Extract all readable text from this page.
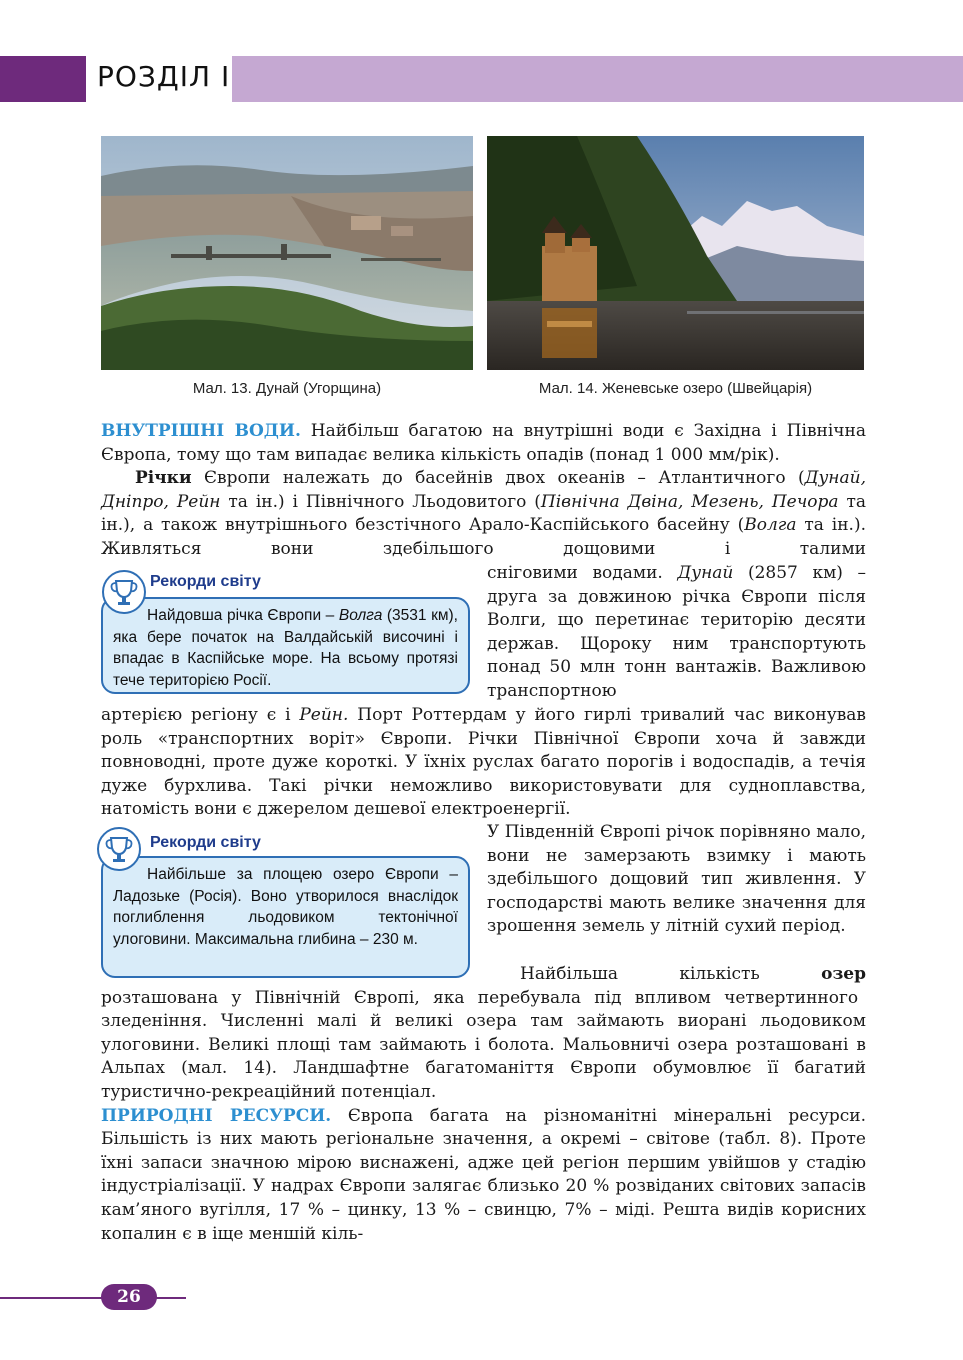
РОЗДІЛ І
Мал. 13. Дунай (Угорщина)	Мал. 14. Женевське озеро (Швейцарія)

ВНУТРІШНІ ВОДИ. Найбільш багатою на внутрішні води є Західна і Північна Європа, тому що там випадає велика кількість опадів (понад 1 000 мм/рік).

Річки Європи належать до басейнів двох океанів – Атлантичного (Дунай, Дніпро, Рейн та ін.) і Північного Льодовитого (Північна Двіна, Мезень, Печора та ін.), а також внутрішнього безстічного Арало-Каспійського басейну (Волга та ін.). Живляться вони здебільшого дощовими і талими

Найдовша річка Європи – Волга (3531 км), яка бере початок на Валдайській височині і впадає в Каспійське море. На всьому протязі тече територією Росії.
Рекорди світу	сніговими водами. Дунай (2857 км) – друга за довжиною річка Європи після Волги, що перетинає територію десяти держав. Щороку ним транспортують понад 50 млн тонн вантажів. Важливою транспортною

артерією регіону є і Рейн. Порт Роттердам у його гирлі тривалий час виконував роль «транспортних воріт» Європи. Річки Північної Європи хоча й завжди повноводні, проте дуже короткі. У їхніх руслах багато порогів і водоспадів, а течія дуже бурхлива. Такі річки неможливо використовувати для судноплавства, натомість вони є джерелом дешевої електроенергії.

Найбільше за площею озеро Європи – Ладозьке (Росія). Воно утворилося внаслідок поглиблення льодовиком тектонічної улоговини. Максимальна глибина – 230 м.
Рекорди світу

У Південній Європі річок порівняно мало, вони не замерзають взимку і мають здебільшого дощовий тип живлення. У господарстві мають велике значення для зрошення земель у літній сухий період.

Найбільша кількість озер

розташована у Північній Європі, яка перебувала під впливом четвертинного зледеніння. Численні малі й великі озера там займають виорані льодовиком улоговини. Великі площі там займають і болота. Мальовничі озера розташовані в Альпах (мал. 14). Ландшафтне багатоманіття Європи обумовлює її багатий туристично-рекреаційний потенціал.

ПРИРОДНІ РЕСУРСИ. Європа багата на різноманітні мінеральні ресурси. Більшість із них мають регіональне значення, а окремі – світове (табл. 8). Проте їхні запаси значною мірою виснажені, адже цей регіон першим увійшов у стадію індустріалізації. У надрах Європи залягає близько 20 % розвіданих світових запасів кам’яного вугілля, 17 % – цинку, 13 % – свинцю, 7% – міді. Решта видів корисних копалин є в іще меншій кіль-

26
